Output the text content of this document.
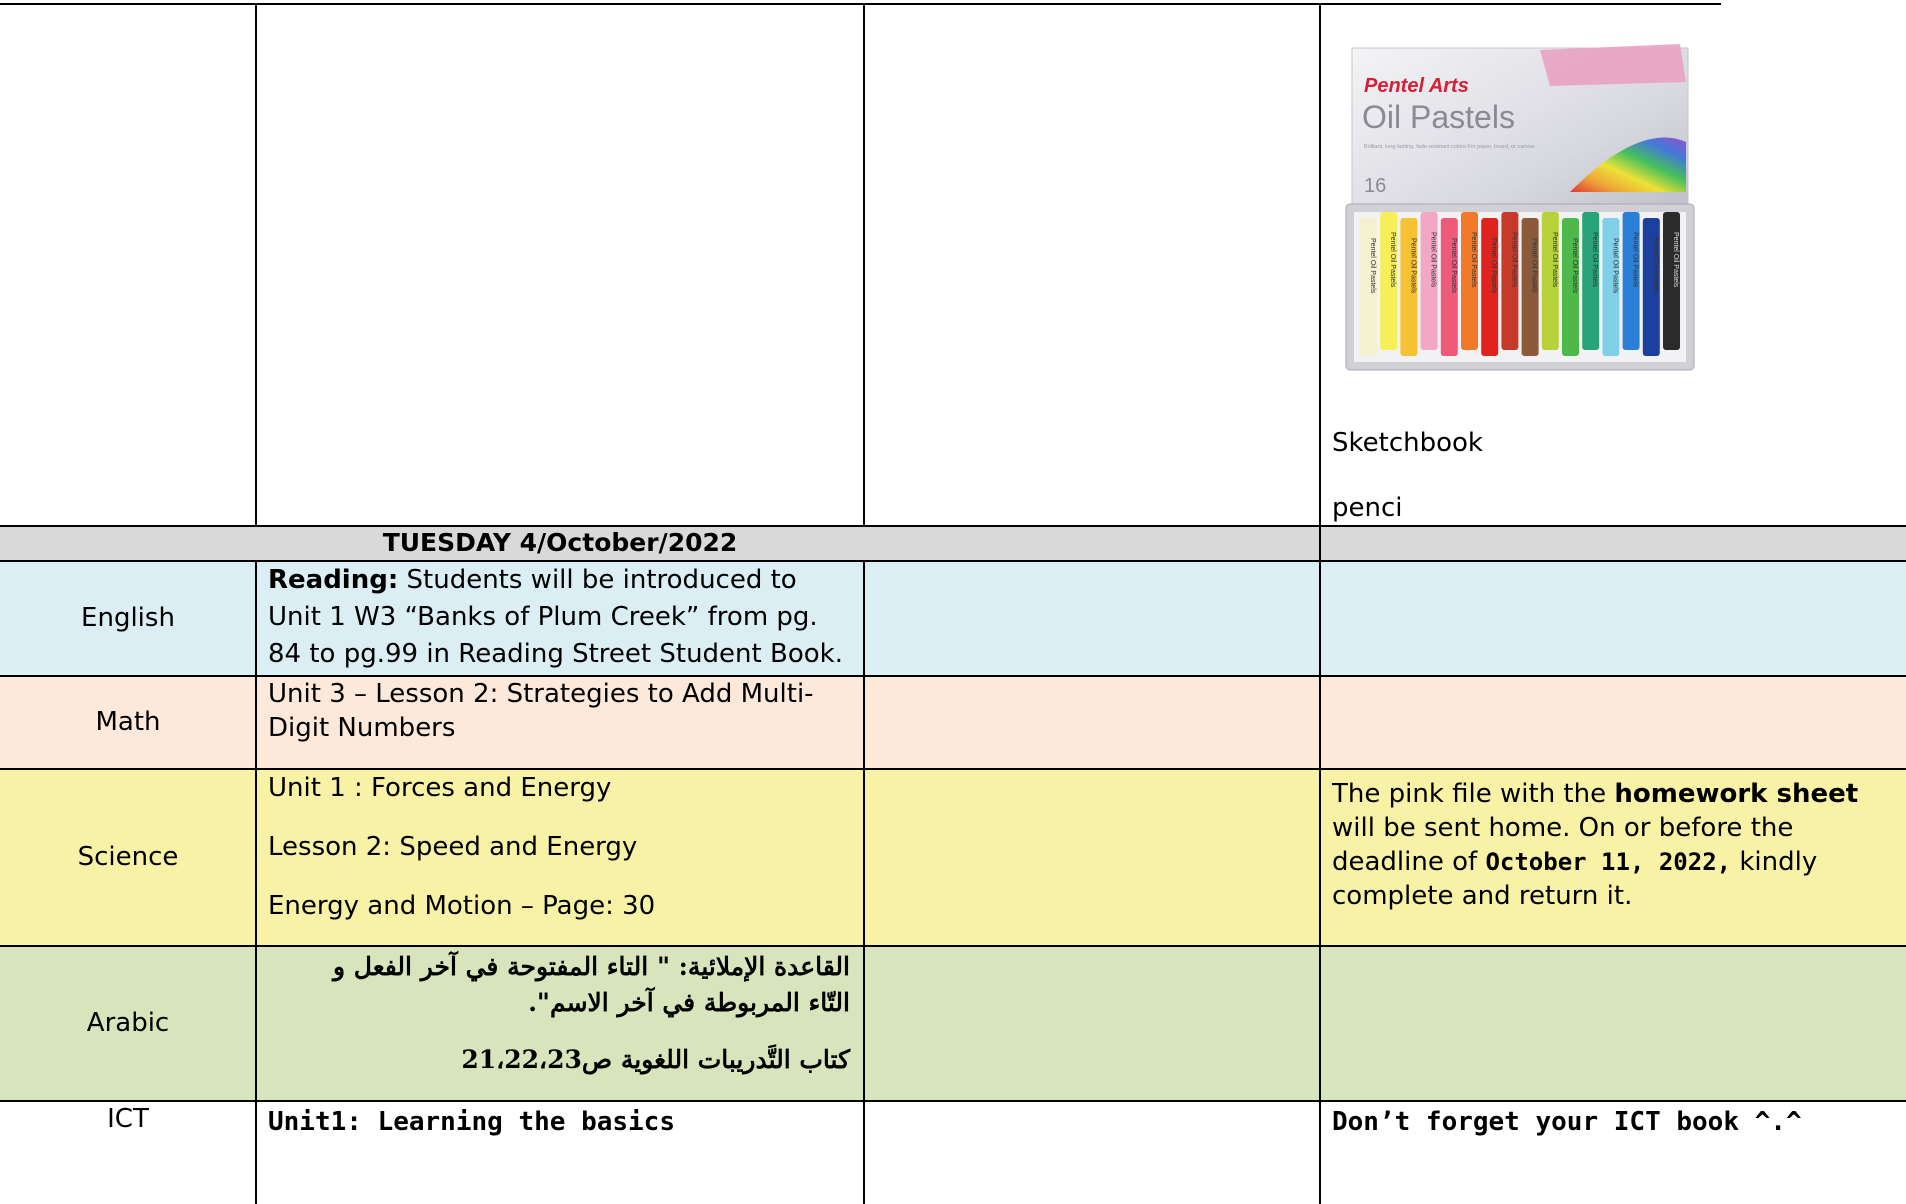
Pentel Arts
Oil Pastels
Brilliant, long-lasting, fade-resistant colors For paper, board, or canvas
16
Pentel Oil Pastels Pentel Oil Pastels Pentel Oil Pastels Pentel Oil Pastels Pentel Oil Pastels Pentel Oil Pastels Pentel Oil Pastels Pentel Oil Pastels Pentel Oil Pastels Pentel Oil Pastels Pentel Oil Pastels Pentel Oil Pastels Pentel Oil Pastels Pentel Oil Pastels Pentel Oil Pastels Pentel Oil Pastels
Sketchbook
penci
TUESDAY 4/October/2022
English
Reading: Students will be introduced to Unit 1 W3 “Banks of Plum Creek” from pg. 84 to pg.99 in Reading Street Student Book.
Math
Unit 3 – Lesson 2: Strategies to Add Multi-Digit Numbers
Science
Unit 1 : Forces and Energy
Lesson 2: Speed and Energy
Energy and Motion – Page: 30
The pink file with the homework sheet will be sent home. On or before the deadline of October 11, 2022, kindly complete and return it.
Arabic
القاعدة الإملائية: " التاء المفتوحة في آخر الفعل و التّاء المربوطة في آخر الاسم".
كتاب التَّدريبات اللغوية ص21،22،23
ICT	Unit1: Learning the basics	Don’t forget your ICT book ^.^
